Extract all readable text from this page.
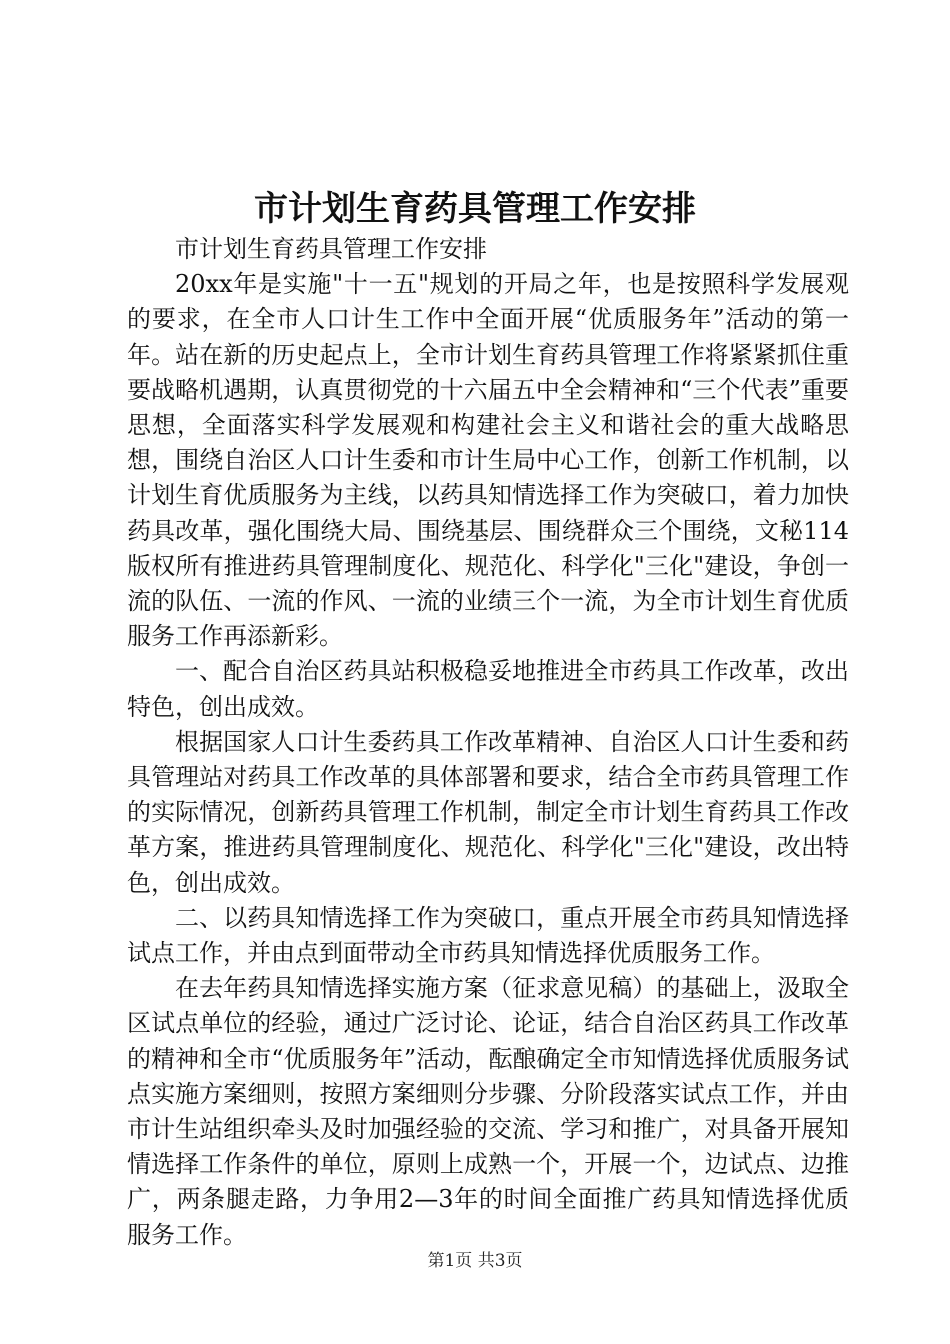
市计划生育药具管理工作安排

市计划生育药具管理工作安排

20xx年是实施"十一五"规划的开局之年，也是按照科学发展观的要求，在全市人口计生工作中全面开展“优质服务年”活动的第一年。站在新的历史起点上，全市计划生育药具管理工作将紧紧抓住重要战略机遇期，认真贯彻党的十六届五中全会精神和“三个代表”重要思想，全面落实科学发展观和构建社会主义和谐社会的重大战略思想，围绕自治区人口计生委和市计生局中心工作，创新工作机制，以计划生育优质服务为主线，以药具知情选择工作为突破口，着力加快药具改革，强化围绕大局、围绕基层、围绕群众三个围绕，文秘114版权所有推进药具管理制度化、规范化、科学化"三化"建设，争创一流的队伍、一流的作风、一流的业绩三个一流，为全市计划生育优质服务工作再添新彩。

一、配合自治区药具站积极稳妥地推进全市药具工作改革，改出特色，创出成效。

根据国家人口计生委药具工作改革精神、自治区人口计生委和药具管理站对药具工作改革的具体部署和要求，结合全市药具管理工作的实际情况，创新药具管理工作机制，制定全市计划生育药具工作改革方案，推进药具管理制度化、规范化、科学化"三化"建设，改出特色，创出成效。

二、以药具知情选择工作为突破口，重点开展全市药具知情选择试点工作，并由点到面带动全市药具知情选择优质服务工作。

在去年药具知情选择实施方案（征求意见稿）的基础上，汲取全区试点单位的经验，通过广泛讨论、论证，结合自治区药具工作改革的精神和全市“优质服务年”活动，酝酿确定全市知情选择优质服务试点实施方案细则，按照方案细则分步骤、分阶段落实试点工作，并由市计生站组织牵头及时加强经验的交流、学习和推广，对具备开展知情选择工作条件的单位，原则上成熟一个，开展一个，边试点、边推广，两条腿走路，力争用2—3年的时间全面推广药具知情选择优质服务工作。

第1页 共3页
